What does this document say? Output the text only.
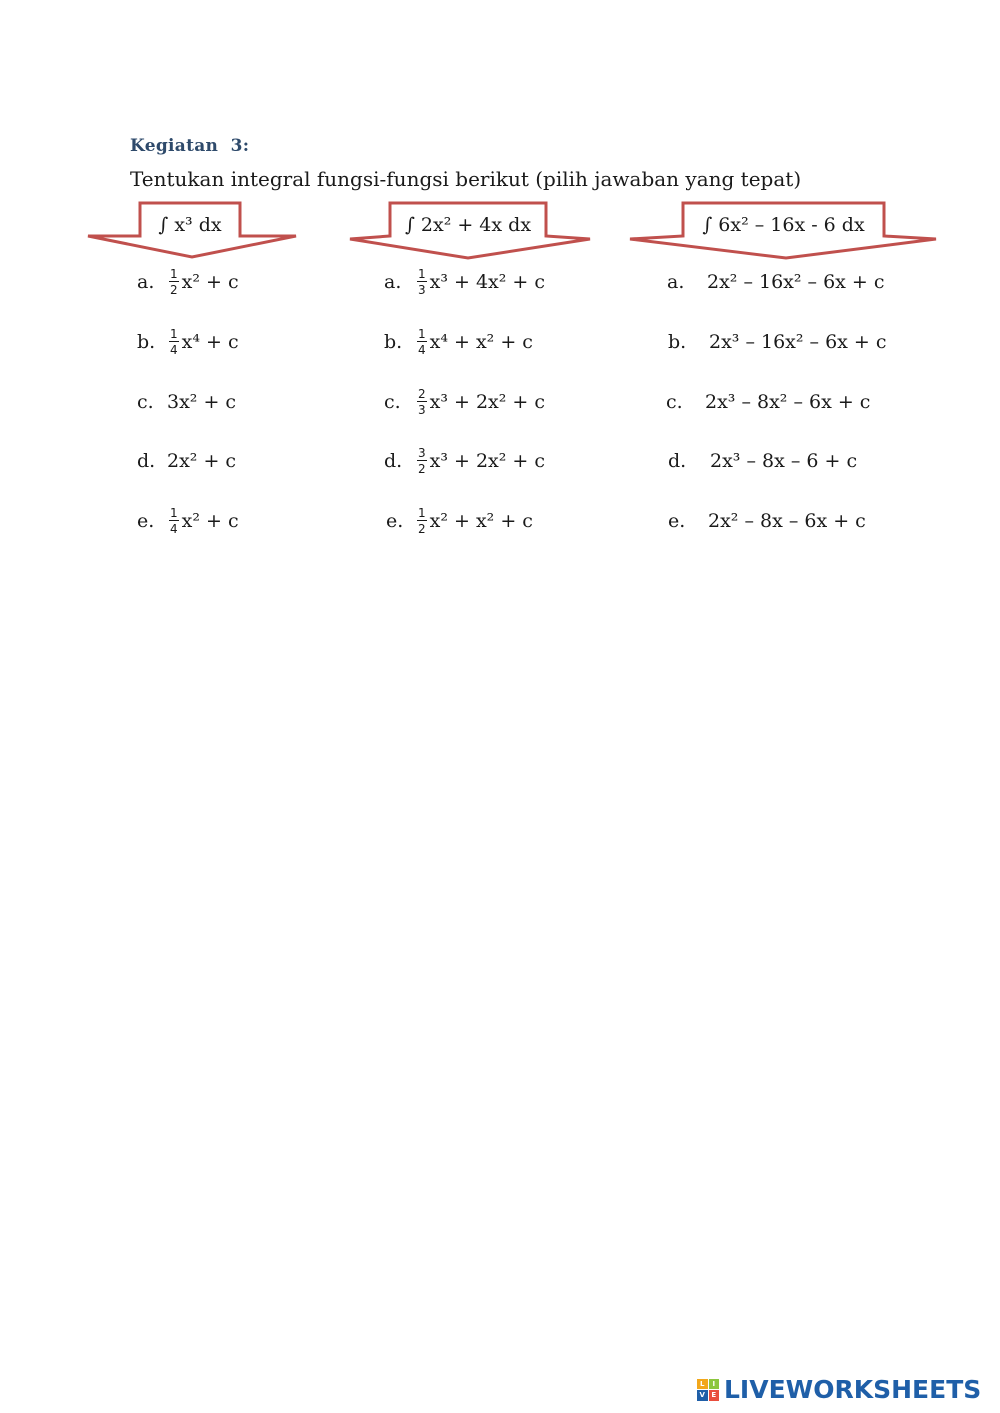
Kegiatan  3:
Tentukan integral fungsi-fungsi berikut (pilih jawaban yang tepat)
∫ x³ dx	∫ 2x² + 4x dx	∫ 6x² – 16x - 6 dx
a.	$\frac{1}{2} x^2 + c$
b.	$\frac{1}{4} x^4 + c$
c. 3x² + c
d. 2x² + c
e.	$\frac{1}{4} x^2 + c$
a.	$\frac{1}{3} x^3 + 4x^2 + c$
b.	$\frac{1}{4} x^4 + x^2 + c$
c.	$\frac{2}{3} x^3 + 2x^2 + c$
d.	$\frac{3}{2} x^3 + 2x^2 + c$
e.	$\frac{1}{2} x^2 + x^2 + c$
a.	2x² – 16x² – 6x + c
b.	2x³ – 16x² – 6x + c
c.	2x³ – 8x² – 6x + c
d.	2x³ – 8x – 6 + c
e.	2x² – 8x – 6x + c
L	I
V E LIVEWORKSHEETS
